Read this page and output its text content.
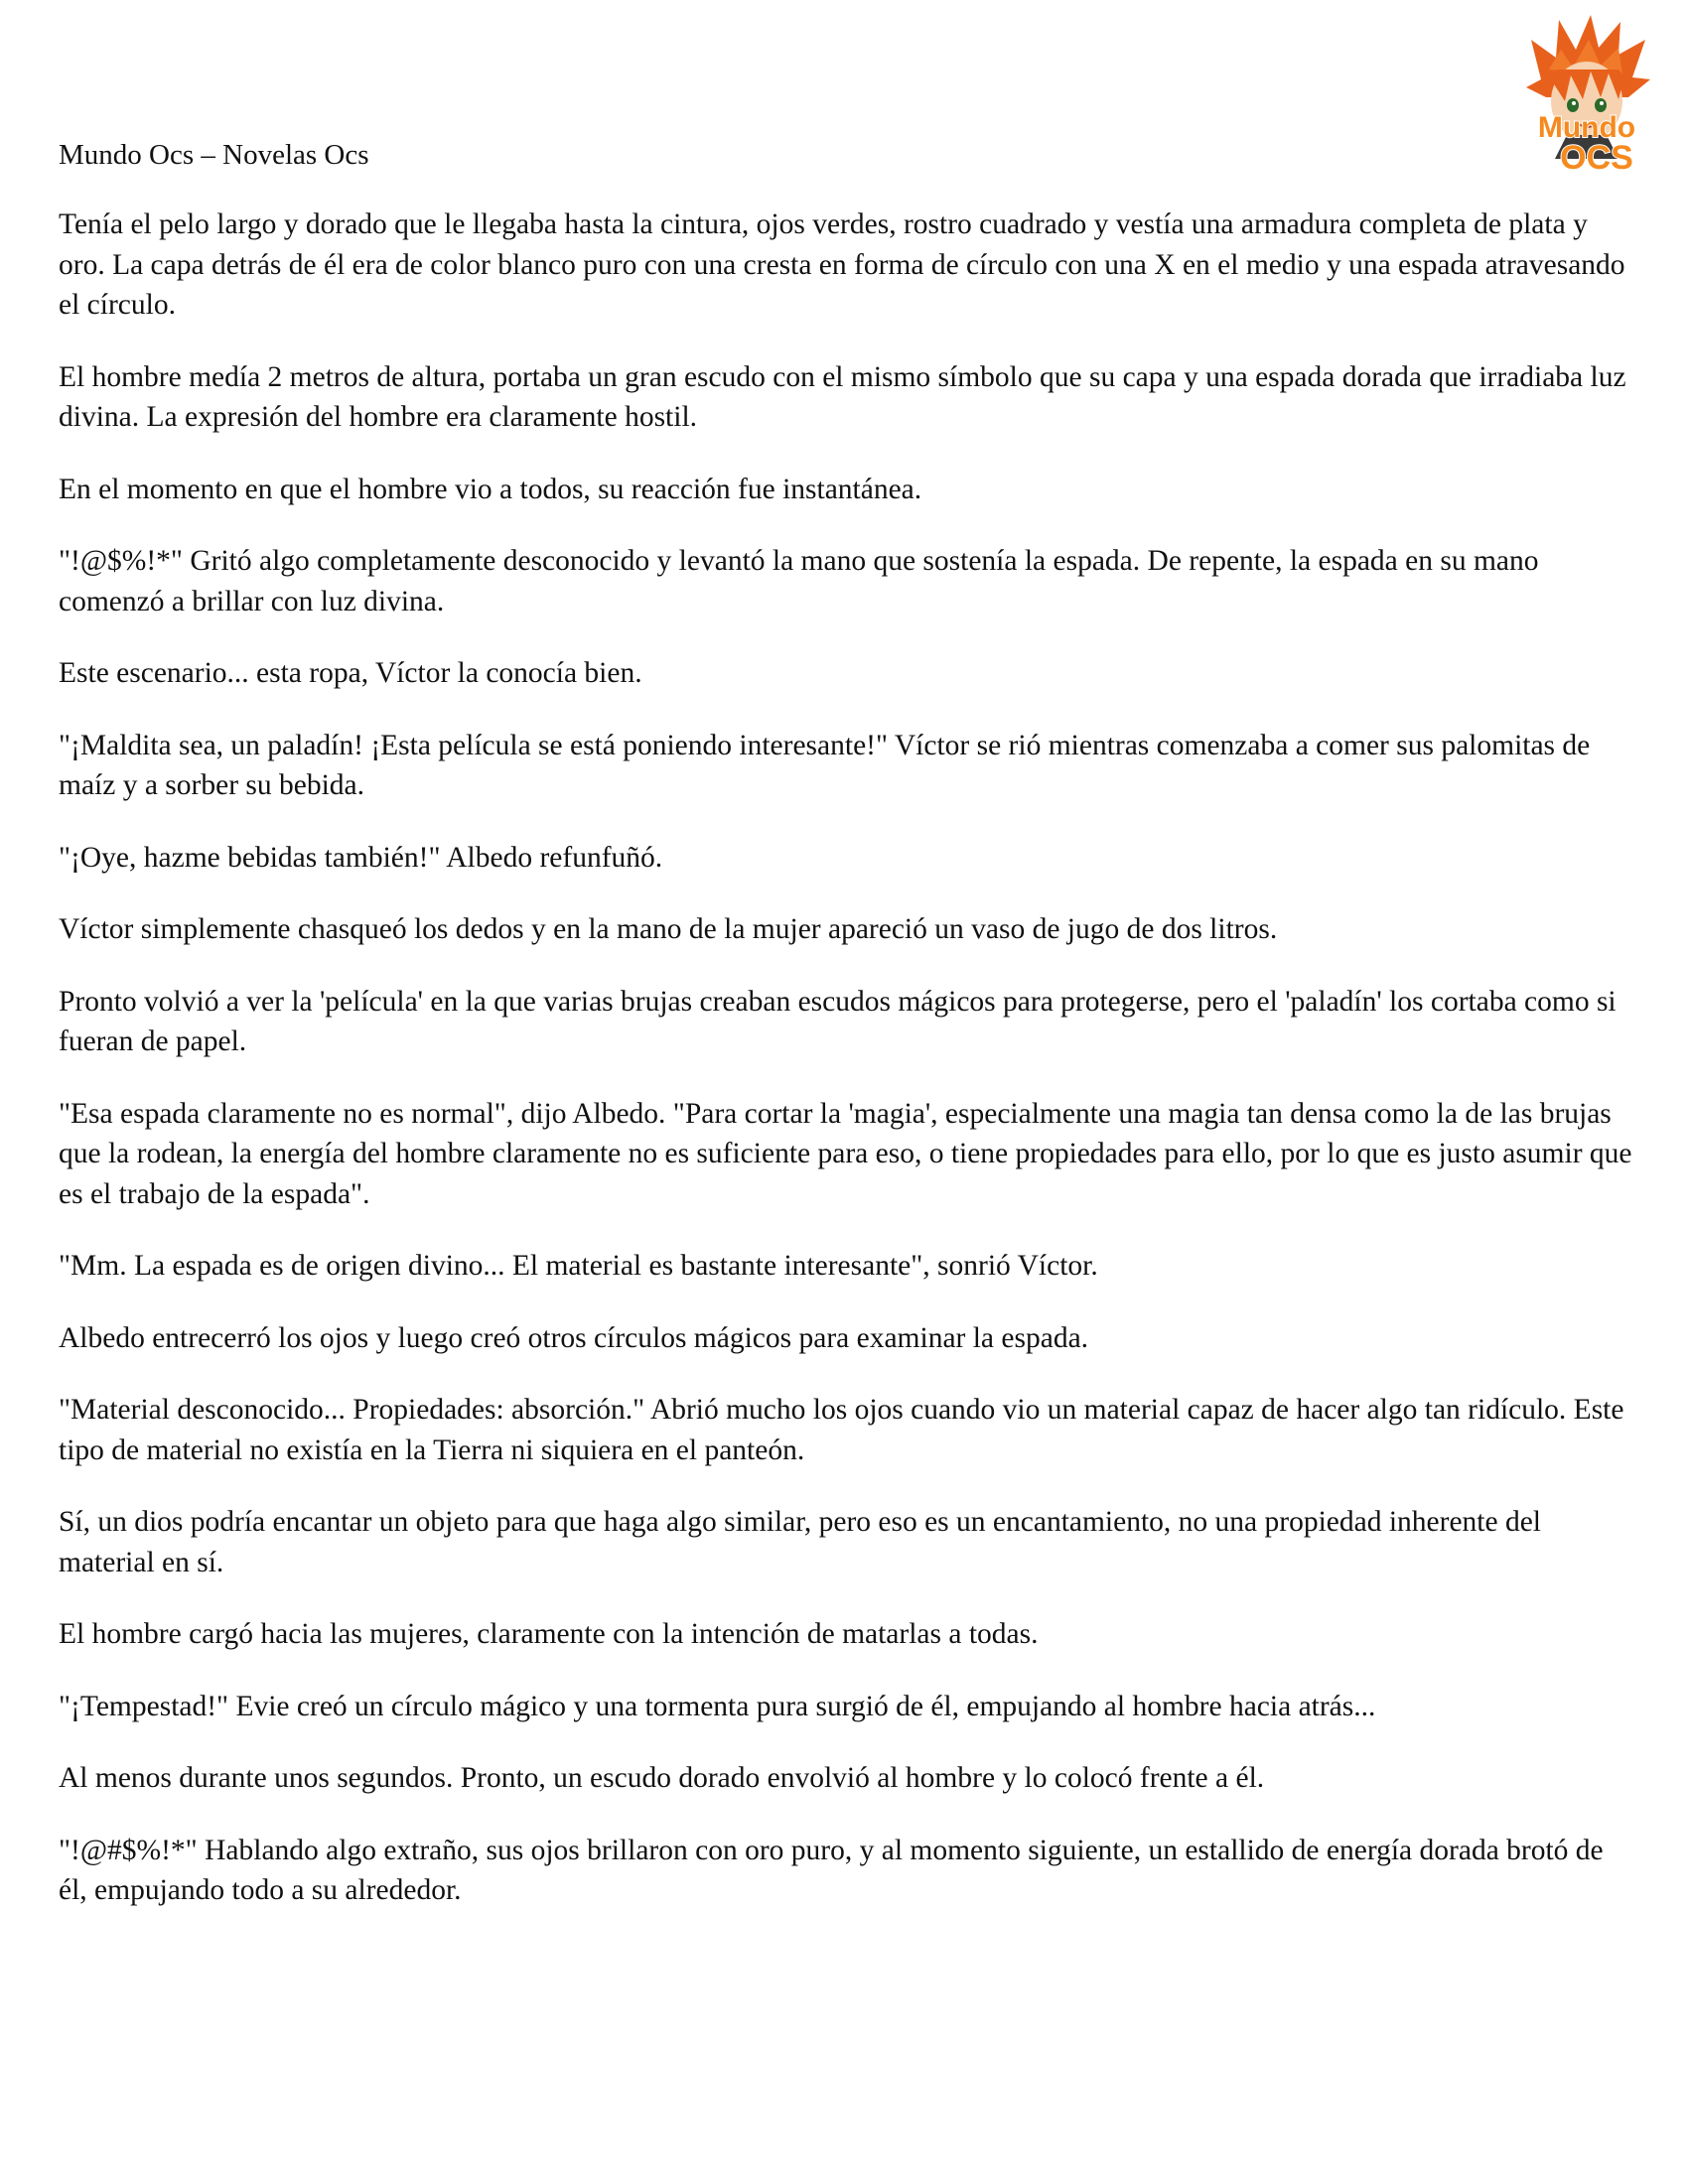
Mundo
OCS
Mundo Ocs – Novelas Ocs

Tenía el pelo largo y dorado que le llegaba hasta la cintura, ojos verdes, rostro cuadrado y vestía una armadura completa de plata y oro. La capa detrás de él era de color blanco puro con una cresta en forma de círculo con una X en el medio y una espada atravesando el círculo.

El hombre medía 2 metros de altura, portaba un gran escudo con el mismo símbolo que su capa y una espada dorada que irradiaba luz divina. La expresión del hombre era claramente hostil.

En el momento en que el hombre vio a todos, su reacción fue instantánea.

"!@$%!*" Gritó algo completamente desconocido y levantó la mano que sostenía la espada. De repente, la espada en su mano comenzó a brillar con luz divina.

Este escenario... esta ropa, Víctor la conocía bien.

"¡Maldita sea, un paladín! ¡Esta película se está poniendo interesante!" Víctor se rió mientras comenzaba a comer sus palomitas de maíz y a sorber su bebida.

"¡Oye, hazme bebidas también!" Albedo refunfuñó.

Víctor simplemente chasqueó los dedos y en la mano de la mujer apareció un vaso de jugo de dos litros.

Pronto volvió a ver la 'película' en la que varias brujas creaban escudos mágicos para protegerse, pero el 'paladín' los cortaba como si fueran de papel.

"Esa espada claramente no es normal", dijo Albedo. "Para cortar la 'magia', especialmente una magia tan densa como la de las brujas que la rodean, la energía del hombre claramente no es suficiente para eso, o tiene propiedades para ello, por lo que es justo asumir que es el trabajo de la espada".

"Mm. La espada es de origen divino... El material es bastante interesante", sonrió Víctor.

Albedo entrecerró los ojos y luego creó otros círculos mágicos para examinar la espada.

"Material desconocido... Propiedades: absorción." Abrió mucho los ojos cuando vio un material capaz de hacer algo tan ridículo. Este tipo de material no existía en la Tierra ni siquiera en el panteón.

Sí, un dios podría encantar un objeto para que haga algo similar, pero eso es un encantamiento, no una propiedad inherente del material en sí.

El hombre cargó hacia las mujeres, claramente con la intención de matarlas a todas.

"¡Tempestad!" Evie creó un círculo mágico y una tormenta pura surgió de él, empujando al hombre hacia atrás...

Al menos durante unos segundos. Pronto, un escudo dorado envolvió al hombre y lo colocó frente a él.

"!@#$%!*" Hablando algo extraño, sus ojos brillaron con oro puro, y al momento siguiente, un estallido de energía dorada brotó de él, empujando todo a su alrededor.
